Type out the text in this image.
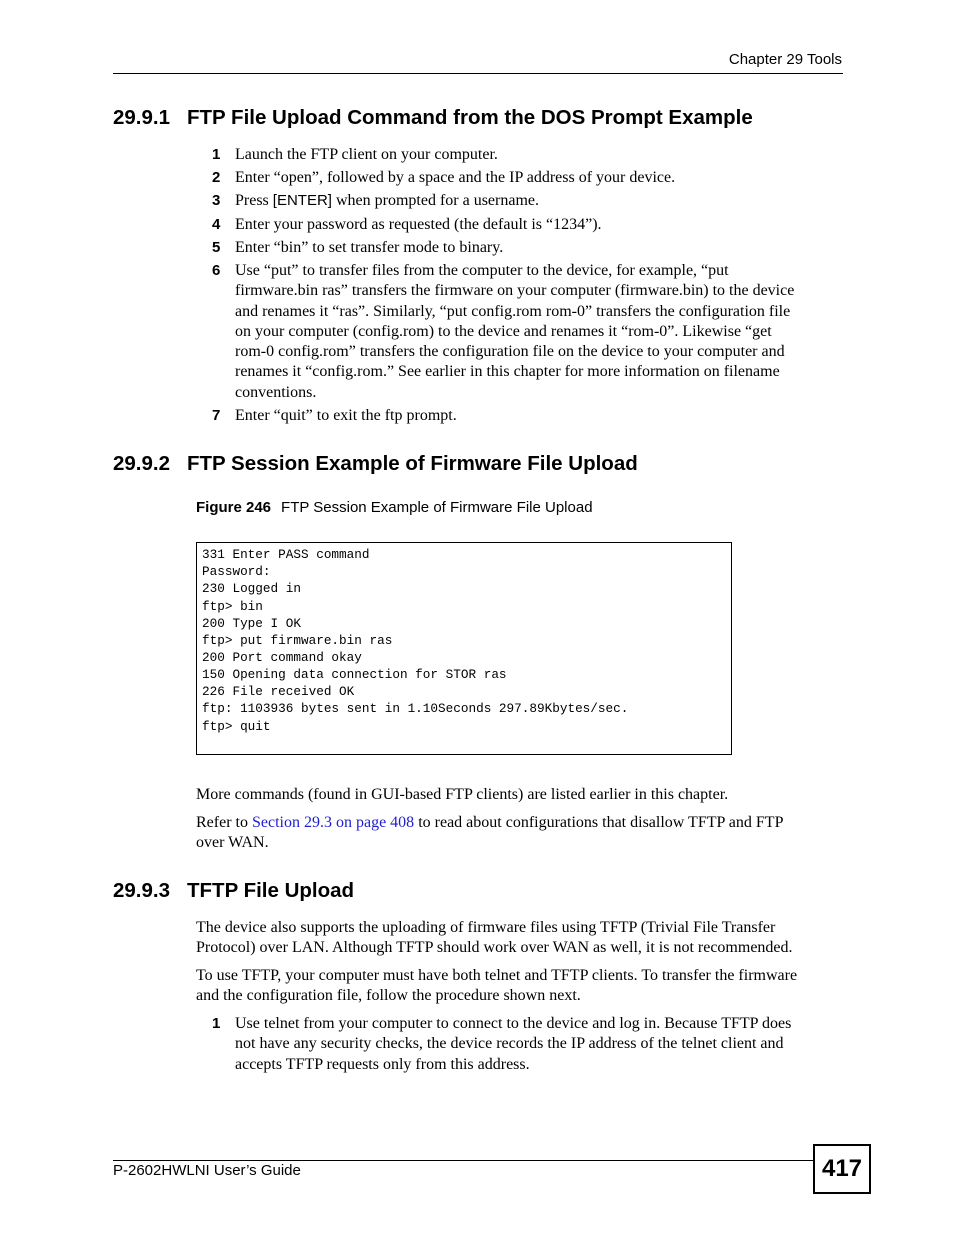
Chapter 29 Tools
29.9.1 FTP File Upload Command from the DOS Prompt Example
1 Launch the FTP client on your computer.
2 Enter “open”, followed by a space and the IP address of your device.
3 Press [ENTER] when prompted for a username.
4 Enter your password as requested (the default is “1234”).
5 Enter “bin” to set transfer mode to binary.
6 Use “put” to transfer files from the computer to the device, for example, “put
firmware.bin ras” transfers the firmware on your computer (firmware.bin) to the device
and renames it “ras”. Similarly, “put config.rom rom-0” transfers the configuration file
on your computer (config.rom) to the device and renames it “rom-0”. Likewise “get
rom-0 config.rom” transfers the configuration file on the device to your computer and
renames it “config.rom.” See earlier in this chapter for more information on filename
conventions.
7 Enter “quit” to exit the ftp prompt.
29.9.2 FTP Session Example of Firmware File Upload
Figure 246 FTP Session Example of Firmware File Upload
331 Enter PASS command
Password:
230 Logged in
ftp> bin
200 Type I OK
ftp> put firmware.bin ras
200 Port command okay
150 Opening data connection for STOR ras
226 File received OK
ftp: 1103936 bytes sent in 1.10Seconds 297.89Kbytes/sec.
ftp> quit
More commands (found in GUI-based FTP clients) are listed earlier in this chapter.
Refer to Section 29.3 on page 408 to read about configurations that disallow TFTP and FTP
over WAN.
29.9.3 TFTP File Upload
The device also supports the uploading of firmware files using TFTP (Trivial File Transfer
Protocol) over LAN. Although TFTP should work over WAN as well, it is not recommended.
To use TFTP, your computer must have both telnet and TFTP clients. To transfer the firmware
and the configuration file, follow the procedure shown next.
1 Use telnet from your computer to connect to the device and log in. Because TFTP does
not have any security checks, the device records the IP address of the telnet client and
accepts TFTP requests only from this address.
P-2602HWLNI User’s Guide	417
